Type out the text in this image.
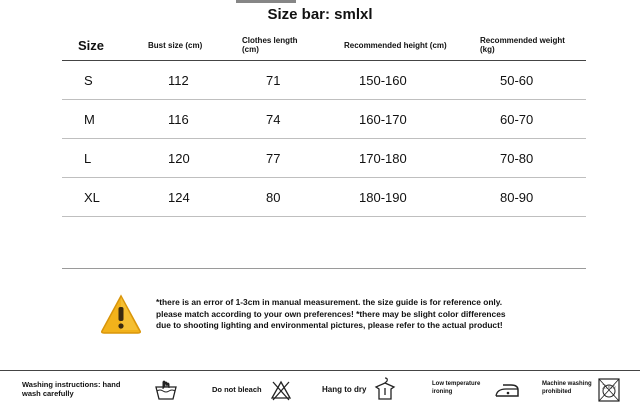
Size bar: smlxl
Size	Bust size (cm)	Clothes length (cm)	Recommended height (cm)	Recommended weight (kg)
S	112	71	150-160	50-60
M	116	74	160-170	60-70
L	120	77	170-180	70-80
XL	124	80	180-190	80-90
*there is an error of 1-3cm in manual measurement. the size guide is for reference only.
please match according to your own preferences! *there may be slight color differences
due to shooting lighting and environmental pictures, please refer to the actual product!
Washing instructions: hand wash carefully	Do not bleach	Hang to dry
Low temperature ironing
Machine washing prohibited
Zone
